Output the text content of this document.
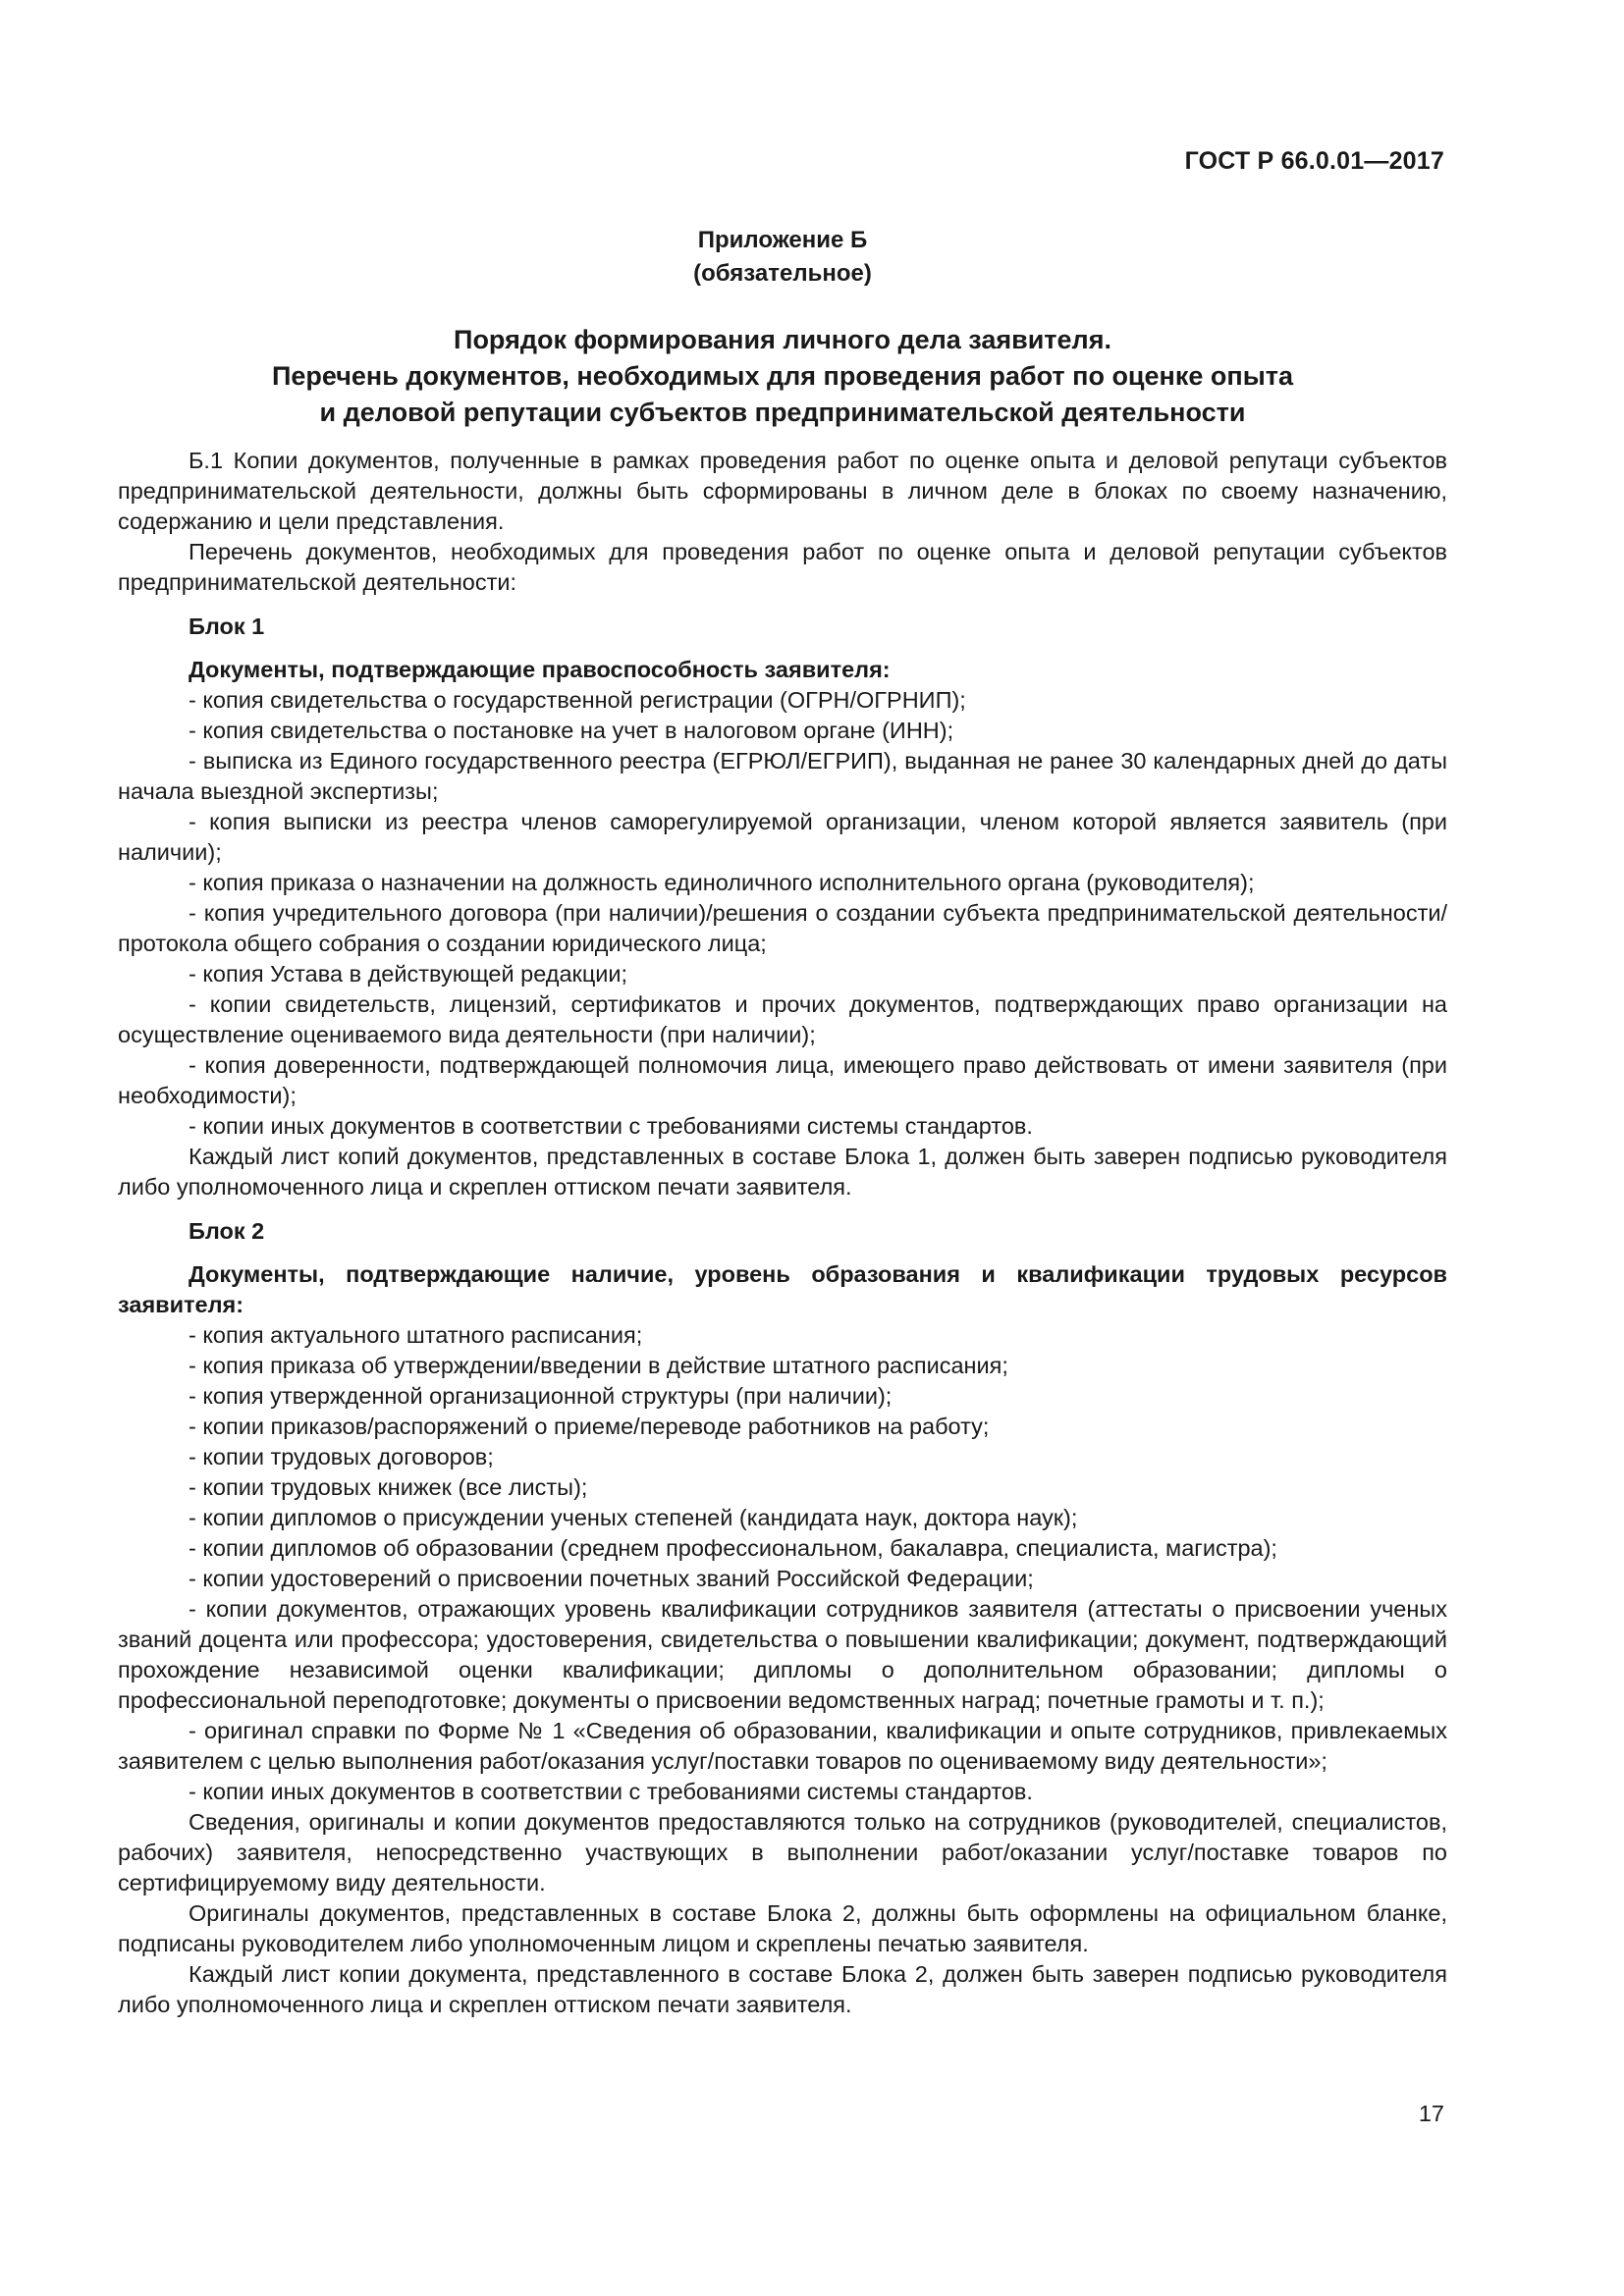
ГОСТ Р 66.0.01—2017
Приложение Б
(обязательное)
Порядок формирования личного дела заявителя.
Перечень документов, необходимых для проведения работ по оценке опыта
и деловой репутации субъектов предпринимательской деятельности

Б.1 Копии документов, полученные в рамках проведения работ по оценке опыта и деловой репутаци субъектов предпринимательской деятельности, должны быть сформированы в личном деле в блоках по своему назначению, содержанию и цели представления.

Перечень документов, необходимых для проведения работ по оценке опыта и деловой репутации субъектов предпринимательской деятельности:

Блок 1

Документы, подтверждающие правоспособность заявителя:

- копия свидетельства о государственной регистрации (ОГРН/ОГРНИП);

- копия свидетельства о постановке на учет в налоговом органе (ИНН);

- выписка из Единого государственного реестра (ЕГРЮЛ/ЕГРИП), выданная не ранее 30 календарных дней до даты начала выездной экспертизы;

- копия выписки из реестра членов саморегулируемой организации, членом которой является заявитель (при наличии);

- копия приказа о назначении на должность единоличного исполнительного органа (руководителя);

- копия учредительного договора (при наличии)/решения о создании субъекта предпринимательской деятельности/протокола общего собрания о создании юридического лица;

- копия Устава в действующей редакции;

- копии свидетельств, лицензий, сертификатов и прочих документов, подтверждающих право организации на осуществление оцениваемого вида деятельности (при наличии);

- копия доверенности, подтверждающей полномочия лица, имеющего право действовать от имени заявителя (при необходимости);

- копии иных документов в соответствии с требованиями системы стандартов.

Каждый лист копий документов, представленных в составе Блока 1, должен быть заверен подписью руководителя либо уполномоченного лица и скреплен оттиском печати заявителя.

Блок 2

Документы, подтверждающие наличие, уровень образования и квалификации трудовых ресурсов заявителя:

- копия актуального штатного расписания;

- копия приказа об утверждении/введении в действие штатного расписания;

- копия утвержденной организационной структуры (при наличии);

- копии приказов/распоряжений о приеме/переводе работников на работу;

- копии трудовых договоров;

- копии трудовых книжек (все листы);

- копии дипломов о присуждении ученых степеней (кандидата наук, доктора наук);

- копии дипломов об образовании (среднем профессиональном, бакалавра, специалиста, магистра);

- копии удостоверений о присвоении почетных званий Российской Федерации;

- копии документов, отражающих уровень квалификации сотрудников заявителя (аттестаты о присвоении ученых званий доцента или профессора; удостоверения, свидетельства о повышении квалификации; документ, подтверждающий прохождение независимой оценки квалификации; дипломы о дополнительном образовании; дипломы о профессиональной переподготовке; документы о присвоении ведомственных наград; почетные грамоты и т. п.);

- оригинал справки по Форме № 1 «Сведения об образовании, квалификации и опыте сотрудников, привлекаемых заявителем с целью выполнения работ/оказания услуг/поставки товаров по оцениваемому виду деятельности»;

- копии иных документов в соответствии с требованиями системы стандартов.

Сведения, оригиналы и копии документов предоставляются только на сотрудников (руководителей, специалистов, рабочих) заявителя, непосредственно участвующих в выполнении работ/оказании услуг/поставке товаров по сертифицируемому виду деятельности.

Оригиналы документов, представленных в составе Блока 2, должны быть оформлены на официальном бланке, подписаны руководителем либо уполномоченным лицом и скреплены печатью заявителя.

Каждый лист копии документа, представленного в составе Блока 2, должен быть заверен подписью руководителя либо уполномоченного лица и скреплен оттиском печати заявителя.

17
